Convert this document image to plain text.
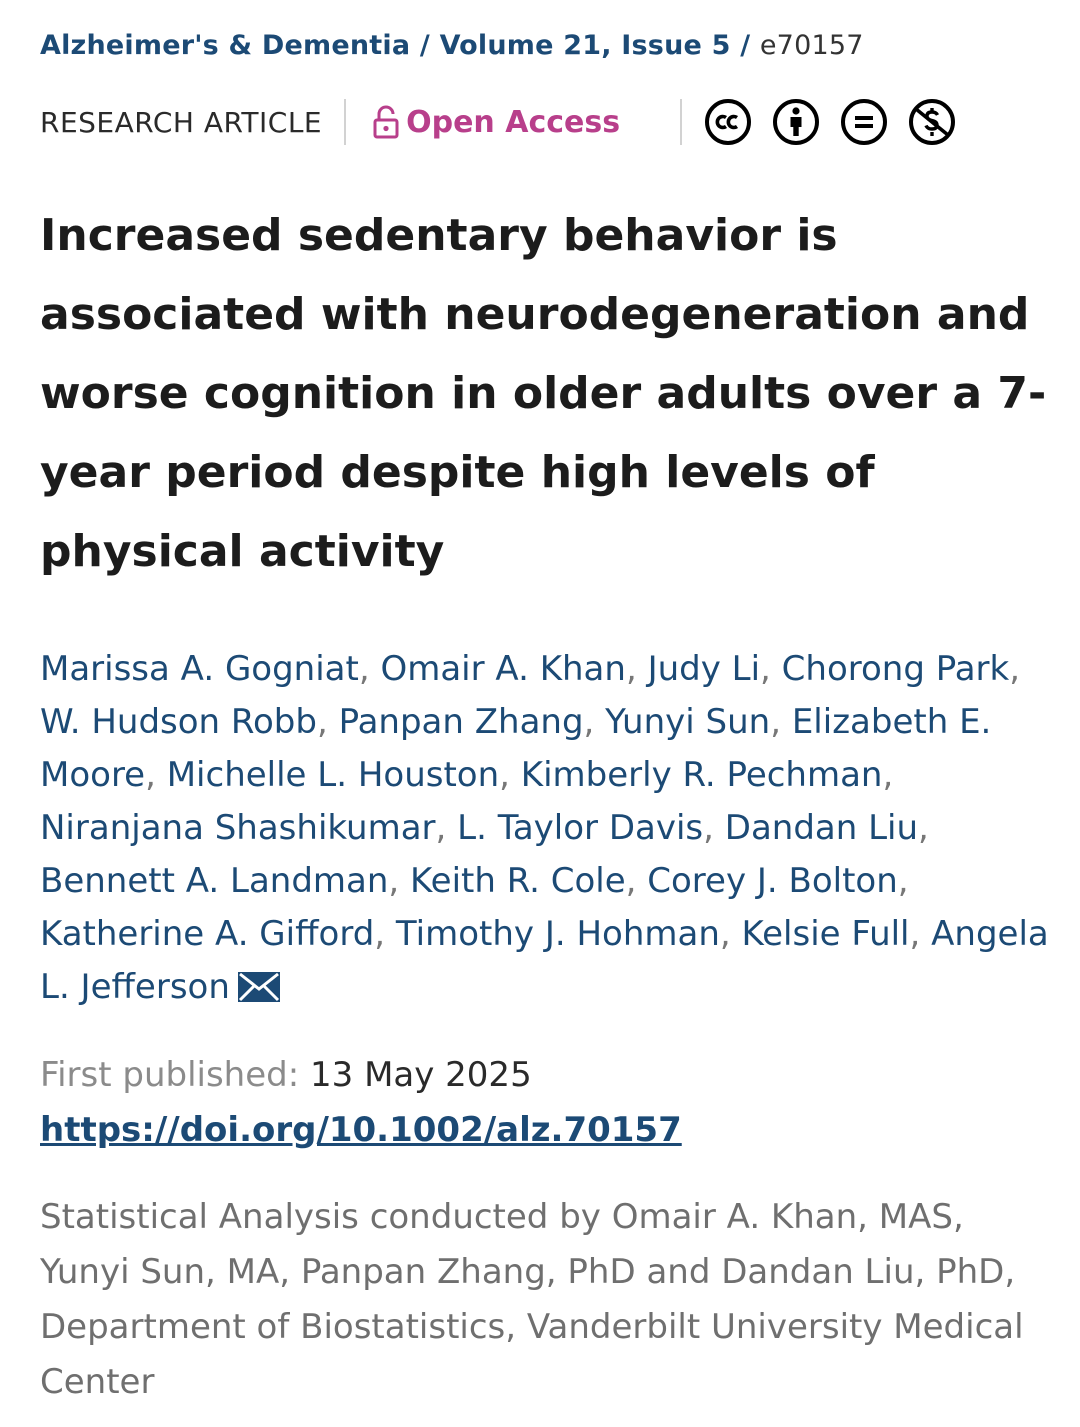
Alzheimer's & Dementia / Volume 21, Issue 5 / e70157
RESEARCH ARTICLE	Open Access
Increased sedentary behavior is associated with neurodegeneration and worse cognition in older adults over a 7-year period despite high levels of physical activity
Marissa A. Gogniat, Omair A. Khan, Judy Li, Chorong Park, W. Hudson Robb, Panpan Zhang, Yunyi Sun, Elizabeth E. Moore, Michelle L. Houston, Kimberly R. Pechman, Niranjana Shashikumar, L. Taylor Davis, Dandan Liu, Bennett A. Landman, Keith R. Cole, Corey J. Bolton, Katherine A. Gifford, Timothy J. Hohman, Kelsie Full, Angela L. Jefferson
First published: 13 May 2025
https://doi.org/10.1002/alz.70157

Statistical Analysis conducted by Omair A. Khan, MAS, Yunyi Sun, MA, Panpan Zhang, PhD and Dandan Liu, PhD, Department of Biostatistics, Vanderbilt University Medical Center
